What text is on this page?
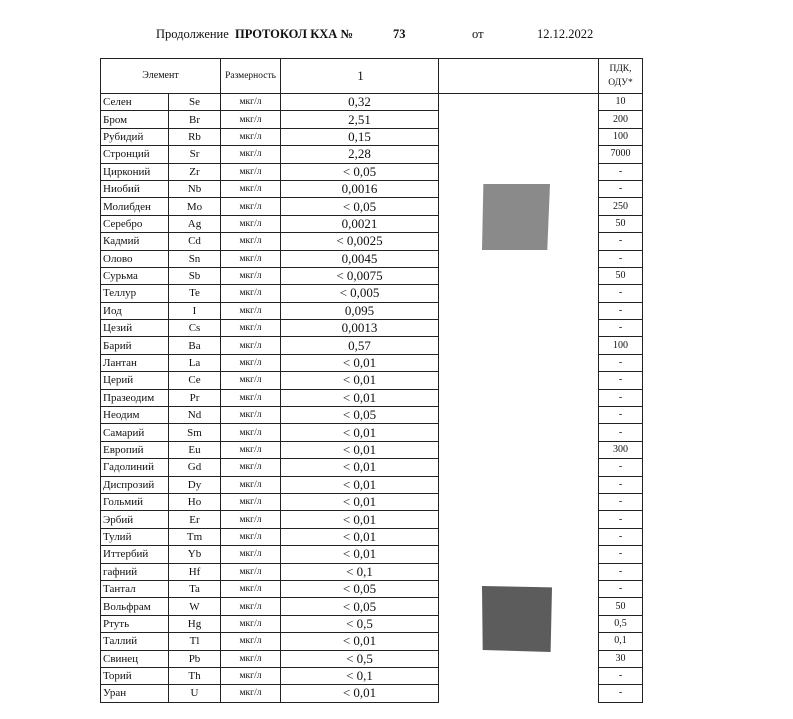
Продолжение ПРОТОКОЛ КХА №	73	от	12.12.2022
Элемент		Размерность	1		ПДК, ОДУ*
Селен	Se	мкг/л	0,32		10
Бром	Br	мкг/л	2,51		200
Рубидий	Rb	мкг/л	0,15		100
Стронций	Sr	мкг/л	2,28		7000
Цирконий	Zr	мкг/л	< 0,05		-
Ниобий	Nb	мкг/л	0,0016		-
Молибден	Mo	мкг/л	< 0,05		250
Серебро	Ag	мкг/л	0,0021		50
Кадмий	Cd	мкг/л	< 0,0025		-
Олово	Sn	мкг/л	0,0045		-
Сурьма	Sb	мкг/л	< 0,0075		50
Теллур	Te	мкг/л	< 0,005		-
Иод	I	мкг/л	0,095		-
Цезий	Cs	мкг/л	0,0013		-
Барий	Ba	мкг/л	0,57		100
Лантан	La	мкг/л	< 0,01		-
Церий	Ce	мкг/л	< 0,01		-
Празеодим	Pr	мкг/л	< 0,01		-
Неодим	Nd	мкг/л	< 0,05		-
Самарий	Sm	мкг/л	< 0,01		-
Европий	Eu	мкг/л	< 0,01		300
Гадолиний	Gd	мкг/л	< 0,01		-
Диспрозий	Dy	мкг/л	< 0,01		-
Гольмий	Ho	мкг/л	< 0,01		-
Эрбий	Er	мкг/л	< 0,01		-
Тулий	Tm	мкг/л	< 0,01		-
Иттербий	Yb	мкг/л	< 0,01		-
гафний	Hf	мкг/л	< 0,1		-
Тантал	Ta	мкг/л	< 0,05		-
Вольфрам	W	мкг/л	< 0,05		50
Ртуть	Hg	мкг/л	< 0,5		0,5
Таллий	Tl	мкг/л	< 0,01		0,1
Свинец	Pb	мкг/л	< 0,5		30
Торий	Th	мкг/л	< 0,1		-
Уран	U	мкг/л	< 0,01		-
